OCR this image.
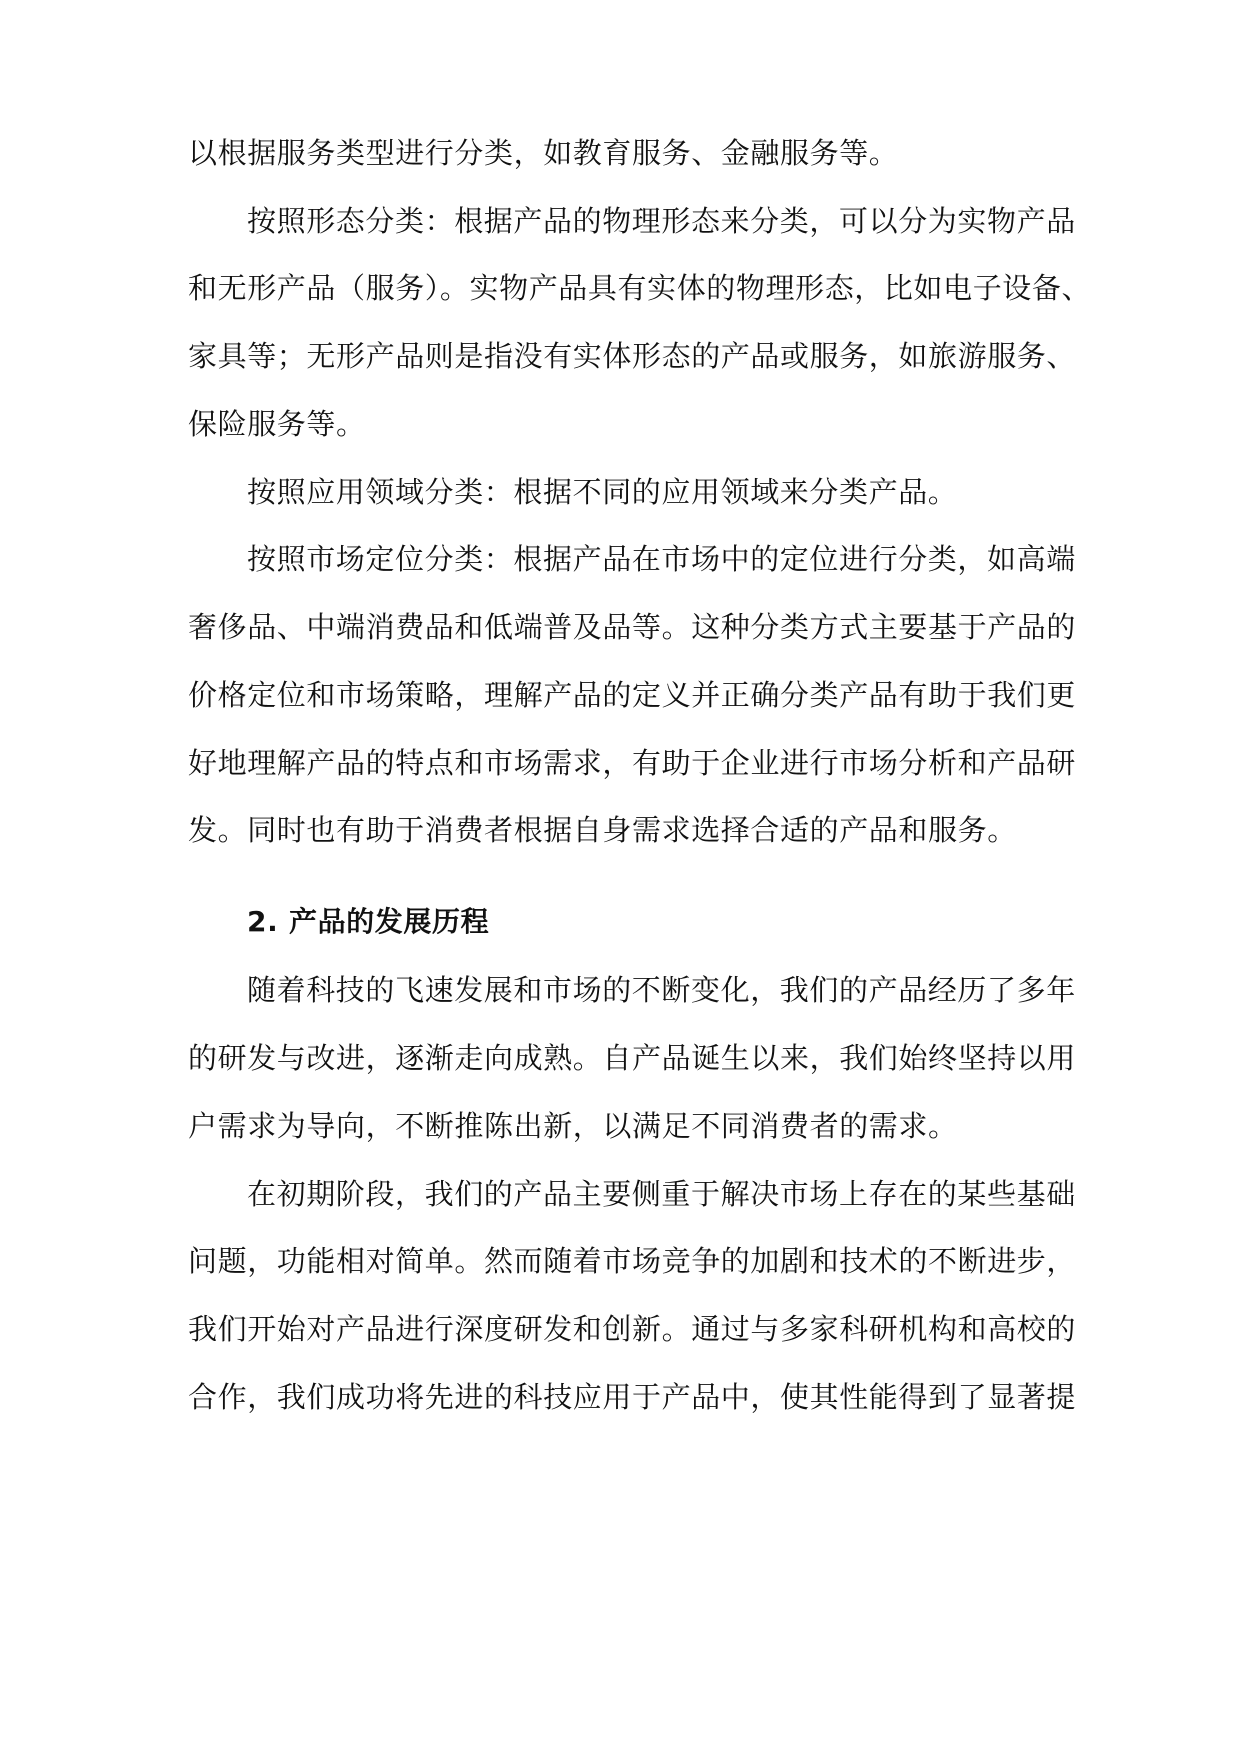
以根据服务类型进行分类，如教育服务、金融服务等。
按照形态分类：根据产品的物理形态来分类，可以分为实物产品
和无形产品（服务）。实物产品具有实体的物理形态，比如电子设备、
家具等；无形产品则是指没有实体形态的产品或服务，如旅游服务、
保险服务等。
按照应用领域分类：根据不同的应用领域来分类产品。
按照市场定位分类：根据产品在市场中的定位进行分类，如高端
奢侈品、中端消费品和低端普及品等。这种分类方式主要基于产品的
价格定位和市场策略，理解产品的定义并正确分类产品有助于我们更
好地理解产品的特点和市场需求，有助于企业进行市场分析和产品研
发。同时也有助于消费者根据自身需求选择合适的产品和服务。
2. 产品的发展历程
随着科技的飞速发展和市场的不断变化，我们的产品经历了多年
的研发与改进，逐渐走向成熟。自产品诞生以来，我们始终坚持以用
户需求为导向，不断推陈出新，以满足不同消费者的需求。
在初期阶段，我们的产品主要侧重于解决市场上存在的某些基础
问题，功能相对简单。然而随着市场竞争的加剧和技术的不断进步，
我们开始对产品进行深度研发和创新。通过与多家科研机构和高校的
合作，我们成功将先进的科技应用于产品中，使其性能得到了显著提
